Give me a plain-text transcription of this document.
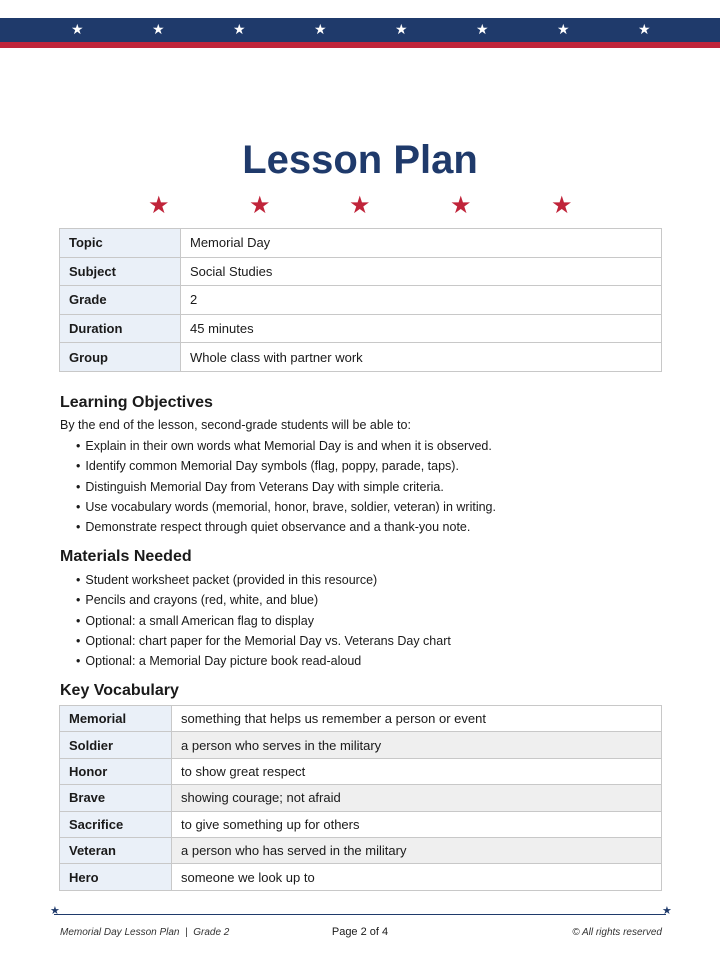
★	★	★	★	★	★	★	★
Lesson Plan
★	★	★	★	★
Topic	Memorial Day
Subject	Social Studies
Grade	2
Duration	45 minutes
Group	Whole class with partner work
Learning Objectives

By the end of the lesson, second-grade students will be able to:

• Explain in their own words what Memorial Day is and when it is observed.
• Identify common Memorial Day symbols (flag, poppy, parade, taps).
• Distinguish Memorial Day from Veterans Day with simple criteria.
• Use vocabulary words (memorial, honor, brave, soldier, veteran) in writing.
• Demonstrate respect through quiet observance and a thank-you note.
Materials Needed
• Student worksheet packet (provided in this resource)
• Pencils and crayons (red, white, and blue)
• Optional: a small American flag to display
• Optional: chart paper for the Memorial Day vs. Veterans Day chart
• Optional: a Memorial Day picture book read-aloud
Key Vocabulary
Memorial	something that helps us remember a person or event
Soldier	a person who serves in the military
Honor	to show great respect
Brave	showing courage; not afraid
Sacrifice	to give something up for others
Veteran	a person who has served in the military
Hero	someone we look up to
★	★
Memorial Day Lesson Plan  |  Grade 2	Page 2 of 4	© All rights reserved
